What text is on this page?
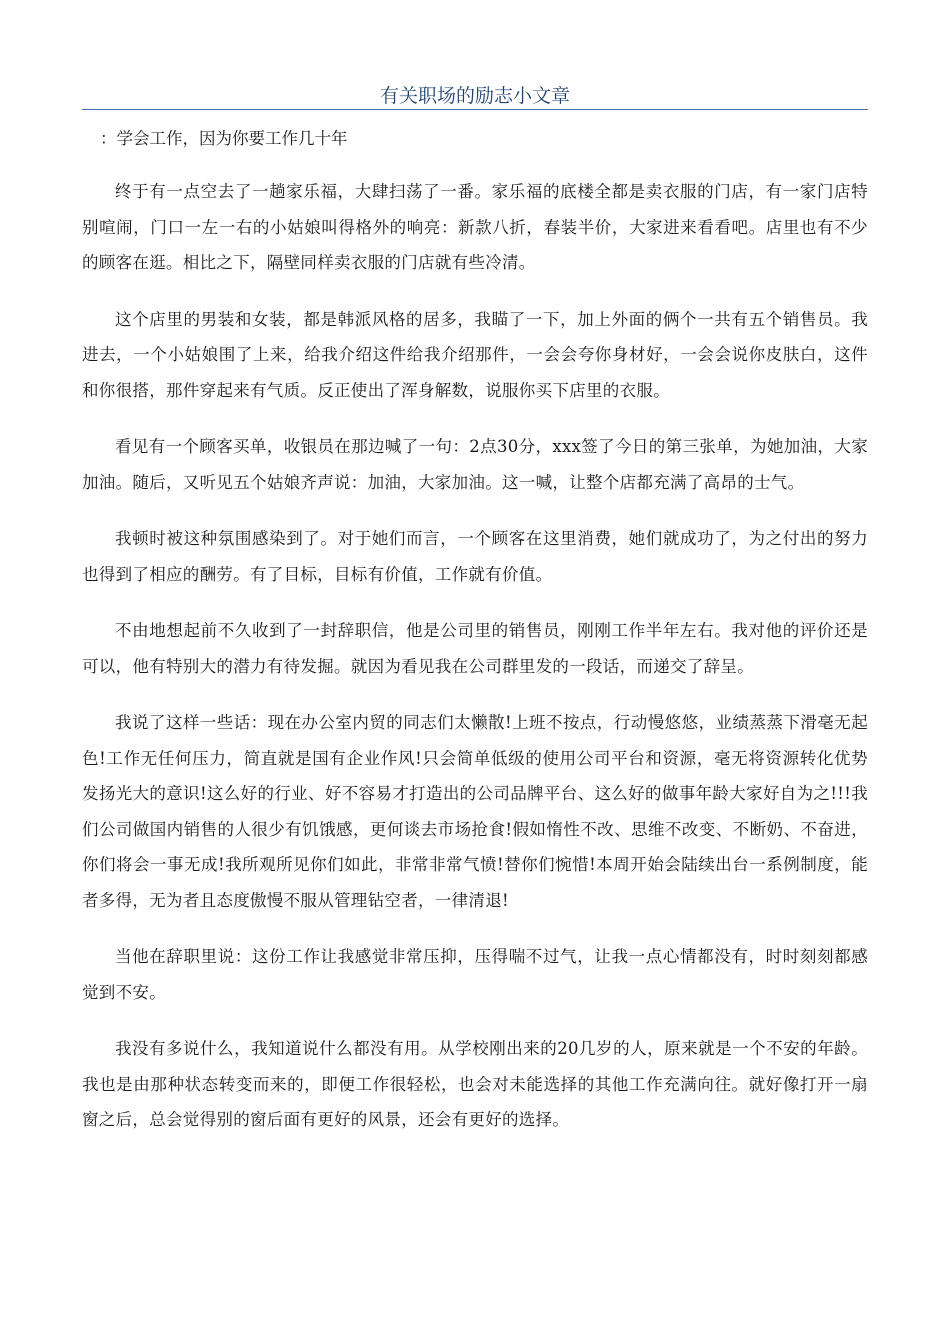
有关职场的励志小文章

：学会工作，因为你要工作几十年

终于有一点空去了一趟家乐福，大肆扫荡了一番。家乐福的底楼全都是卖衣服的门店，有一家门店特别喧闹，门口一左一右的小姑娘叫得格外的响亮：新款八折，春装半价，大家进来看看吧。店里也有不少的顾客在逛。相比之下，隔壁同样卖衣服的门店就有些冷清。

这个店里的男装和女装，都是韩派风格的居多，我瞄了一下，加上外面的俩个一共有五个销售员。我进去，一个小姑娘围了上来，给我介绍这件给我介绍那件，一会会夸你身材好，一会会说你皮肤白，这件和你很搭，那件穿起来有气质。反正使出了浑身解数，说服你买下店里的衣服。

看见有一个顾客买单，收银员在那边喊了一句：2点30分，xxx签了今日的第三张单，为她加油，大家加油。随后，又听见五个姑娘齐声说：加油，大家加油。这一喊，让整个店都充满了高昂的士气。

我顿时被这种氛围感染到了。对于她们而言，一个顾客在这里消费，她们就成功了，为之付出的努力也得到了相应的酬劳。有了目标，目标有价值，工作就有价值。

不由地想起前不久收到了一封辞职信，他是公司里的销售员，刚刚工作半年左右。我对他的评价还是可以，他有特别大的潜力有待发掘。就因为看见我在公司群里发的一段话，而递交了辞呈。

我说了这样一些话：现在办公室内贸的同志们太懒散!上班不按点，行动慢悠悠，业绩蒸蒸下滑毫无起色!工作无任何压力，简直就是国有企业作风!只会简单低级的使用公司平台和资源，毫无将资源转化优势发扬光大的意识!这么好的行业、好不容易才打造出的公司品牌平台、这么好的做事年龄大家好自为之!!!我们公司做国内销售的人很少有饥饿感，更何谈去市场抢食!假如惰性不改、思维不改变、不断奶、不奋进，你们将会一事无成!我所观所见你们如此，非常非常气愤!替你们惋惜!本周开始会陆续出台一系例制度，能者多得，无为者且态度傲慢不服从管理钻空者，一律清退!

当他在辞职里说：这份工作让我感觉非常压抑，压得喘不过气，让我一点心情都没有，时时刻刻都感觉到不安。

我没有多说什么，我知道说什么都没有用。从学校刚出来的20几岁的人，原来就是一个不安的年龄。我也是由那种状态转变而来的，即便工作很轻松，也会对未能选择的其他工作充满向往。就好像打开一扇窗之后，总会觉得别的窗后面有更好的风景，还会有更好的选择。
